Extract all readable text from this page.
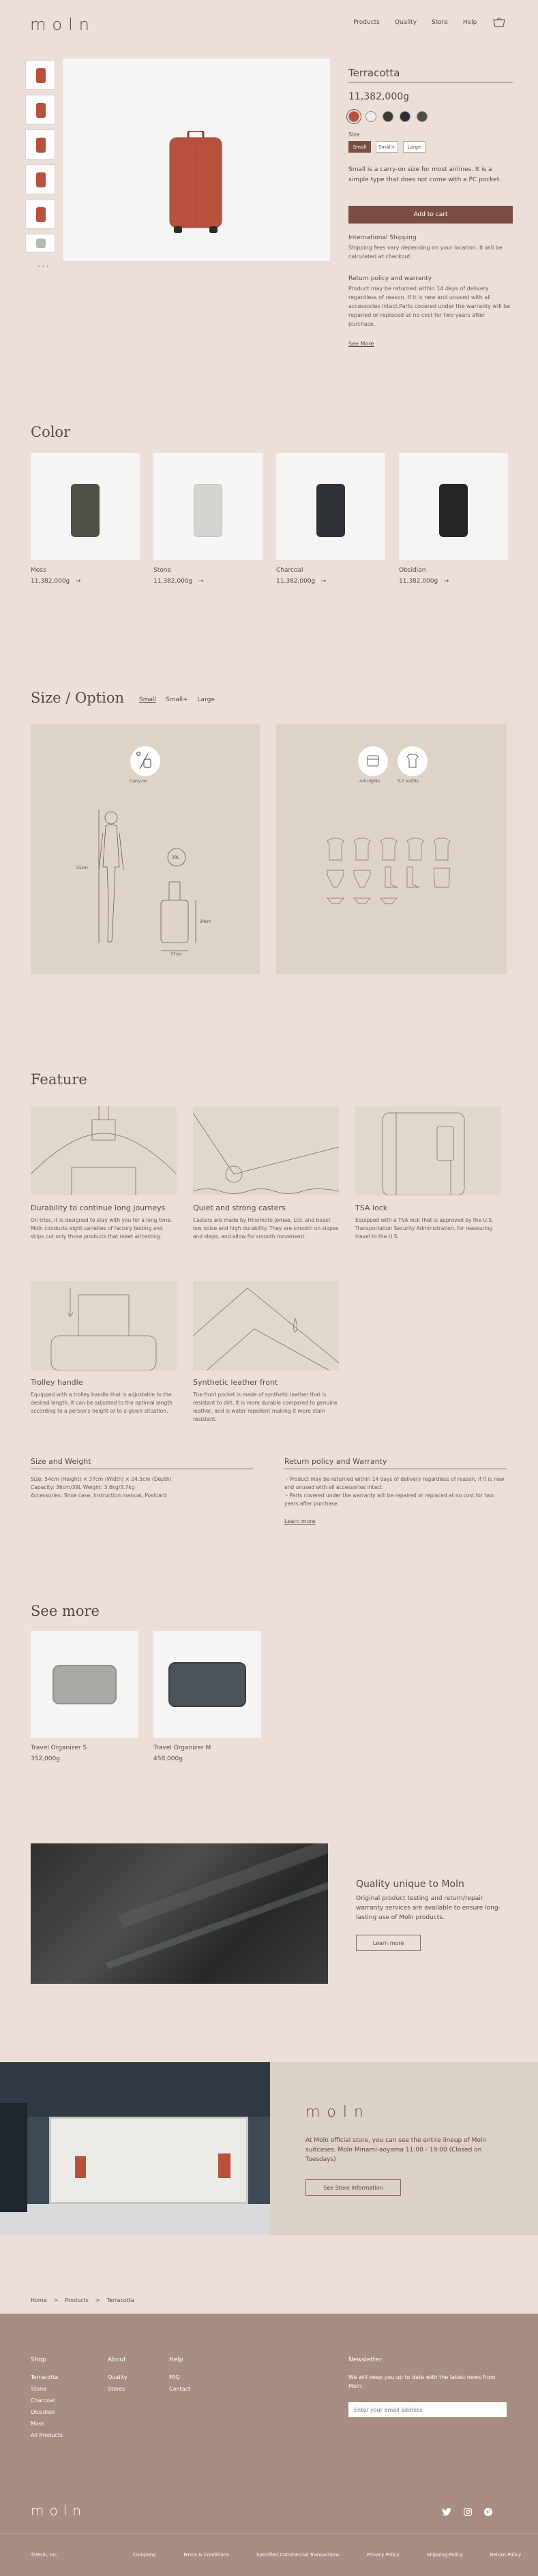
moln	Products Quality Store Help
• • •
Terracotta
11,382,000g
Size
Small	Small+	Large
Small is a carry-on size for most airlines. It is a simple type that does not come with a PC pocket.
Add to cart
International Shipping
Shipping fees vary depending on your location. It will be calculated at checkout.
Return policy and warranty
Product may be returned within 14 days of delivery regardless of reason. If it is new and unused with all accessories intact.Parts covered under the warranty will be repaired or replaced at no cost for two years after purchase.
See More
Color
Moss
11,382,000g →
Stone
11,382,000g →
Charcoal
11,382,000g →
Obsidian
11,382,000g →
Size / Option Small Small+ Large
Carry-on
55cm
39L
24cm
37cm
4-6 nights	5-7 outfits
Feature
Durability to continue long journeys
On trips, it is designed to stay with you for a long time. Moln conducts eight varieties of factory testing and ships out only those products that meet all testing.
Quiet and strong casters
Casters are made by Hinomoto Jomae, Ltd. and boast low noise and high durability. They are smooth on slopes and steps, and allow for smooth movement.
TSA lock
Equipped with a TSA lock that is approved by the U.S. Transportation Security Administration, for reassuring travel to the U.S.
Trolley handle
Equipped with a trolley handle that is adjustable to the desired length. It can be adjusted to the optimal length according to a person's height or to a given situation.
Synthetic leather front
The front pocket is made of synthetic leather that is resistant to dirt. It is more durable compared to genuine leather, and is water repellent making it more stain resistant.
Size and Weight
Size: 54cm (Height) × 37cm (Width) × 24.5cm (Depth)
Capacity: 36cm/39L Weight: 3.6kg/3.7kg
Accessories: Shoe case, Instruction manual, Postcard
Return policy and Warranty
・Product may be returned within 14 days of delivery regardless of reason, if it is new and unused with all accessories intact.
・Parts covered under the warranty will be repaired or replaced at no cost for two years after purchase.
Learn more
See more
Travel Organizer S
352,000g
Travel Organizer M
458,000g
Quality unique to Moln
Original product testing and return/repair warranty services are available to ensure long-lasting use of Moln products.
Learn more
moln
At Moln official store, you can see the entire lineup of Moln suitcases. Moln Minami-aoyama 11:00 - 19:00 (Closed on Tuesdays)
See Store Information
Home > Products > Terracotta
Shop
Terracotta
Stone
Charcoal
Obsidian
Moss
All Products
About
Quality
Stores
Help
FAQ
Contact
Newsletter
We will keep you up to date with the latest news from Moln.
Enter your email address
moln
©Moln, Inc.	Company	Terms & Conditions	Specified Commercial Transactions	Privacy Policy	Shipping Policy	Return Policy
